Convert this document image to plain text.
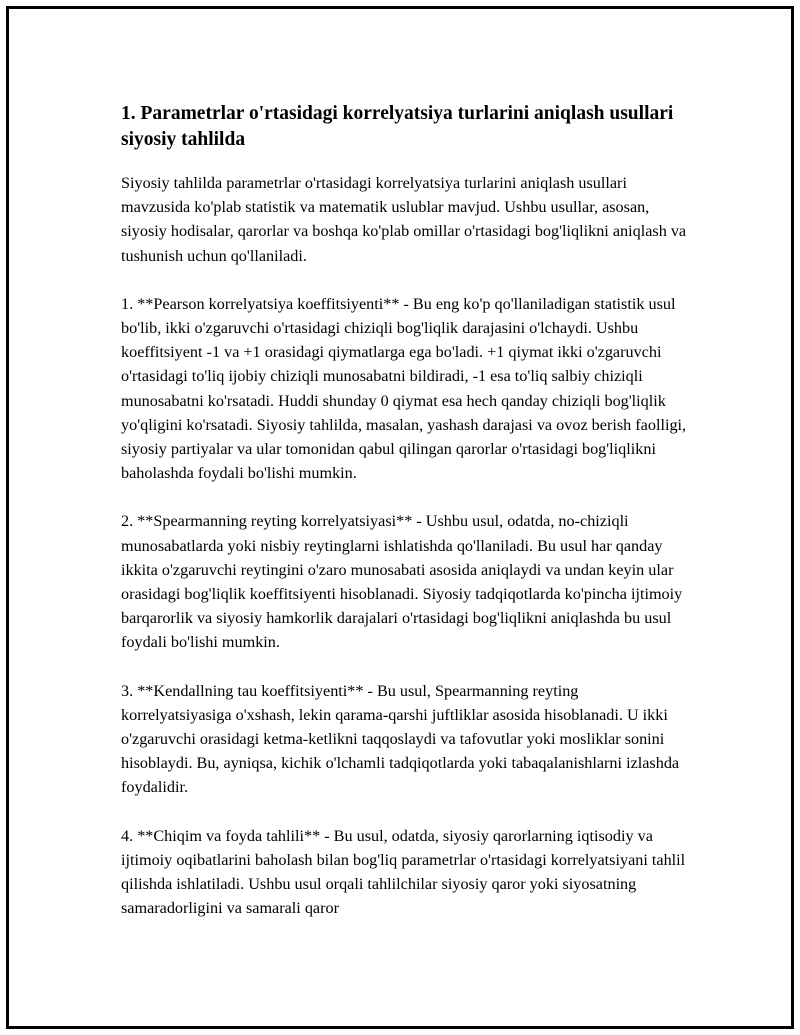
1. Parametrlar o'rtasidagi korrelyatsiya turlarini aniqlash usullari siyosiy tahlilda

Siyosiy tahlilda parametrlar o'rtasidagi korrelyatsiya turlarini aniqlash usullari mavzusida ko'plab statistik va matematik uslublar mavjud. Ushbu usullar, asosan, siyosiy hodisalar, qarorlar va boshqa ko'plab omillar o'rtasidagi bog'liqlikni aniqlash va tushunish uchun qo'llaniladi.

1. **Pearson korrelyatsiya koeffitsiyenti** - Bu eng ko'p qo'llaniladigan statistik usul bo'lib, ikki o'zgaruvchi o'rtasidagi chiziqli bog'liqlik darajasini o'lchaydi. Ushbu koeffitsiyent -1 va +1 orasidagi qiymatlarga ega bo'ladi. +1 qiymat ikki o'zgaruvchi o'rtasidagi to'liq ijobiy chiziqli munosabatni bildiradi, -1 esa to'liq salbiy chiziqli munosabatni ko'rsatadi. Huddi shunday 0 qiymat esa hech qanday chiziqli bog'liqlik yo'qligini ko'rsatadi. Siyosiy tahlilda, masalan, yashash darajasi va ovoz berish faolligi, siyosiy partiyalar va ular tomonidan qabul qilingan qarorlar o'rtasidagi bog'liqlikni baholashda foydali bo'lishi mumkin.

2. **Spearmanning reyting korrelyatsiyasi** - Ushbu usul, odatda, no-chiziqli munosabatlarda yoki nisbiy reytinglarni ishlatishda qo'llaniladi. Bu usul har qanday ikkita o'zgaruvchi reytingini o'zaro munosabati asosida aniqlaydi va undan keyin ular orasidagi bog'liqlik koeffitsiyenti hisoblanadi. Siyosiy tadqiqotlarda ko'pincha ijtimoiy barqarorlik va siyosiy hamkorlik darajalari o'rtasidagi bog'liqlikni aniqlashda bu usul foydali bo'lishi mumkin.

3. **Kendallning tau koeffitsiyenti** - Bu usul, Spearmanning reyting korrelyatsiyasiga o'xshash, lekin qarama-qarshi juftliklar asosida hisoblanadi. U ikki o'zgaruvchi orasidagi ketma-ketlikni taqqoslaydi va tafovutlar yoki mosliklar sonini hisoblaydi. Bu, ayniqsa, kichik o'lchamli tadqiqotlarda yoki tabaqalanishlarni izlashda foydalidir.

4. **Chiqim va foyda tahlili** - Bu usul, odatda, siyosiy qarorlarning iqtisodiy va ijtimoiy oqibatlarini baholash bilan bog'liq parametrlar o'rtasidagi korrelyatsiyani tahlil qilishda ishlatiladi. Ushbu usul orqali tahlilchilar siyosiy qaror yoki siyosatning samaradorligini va samarali qaror
